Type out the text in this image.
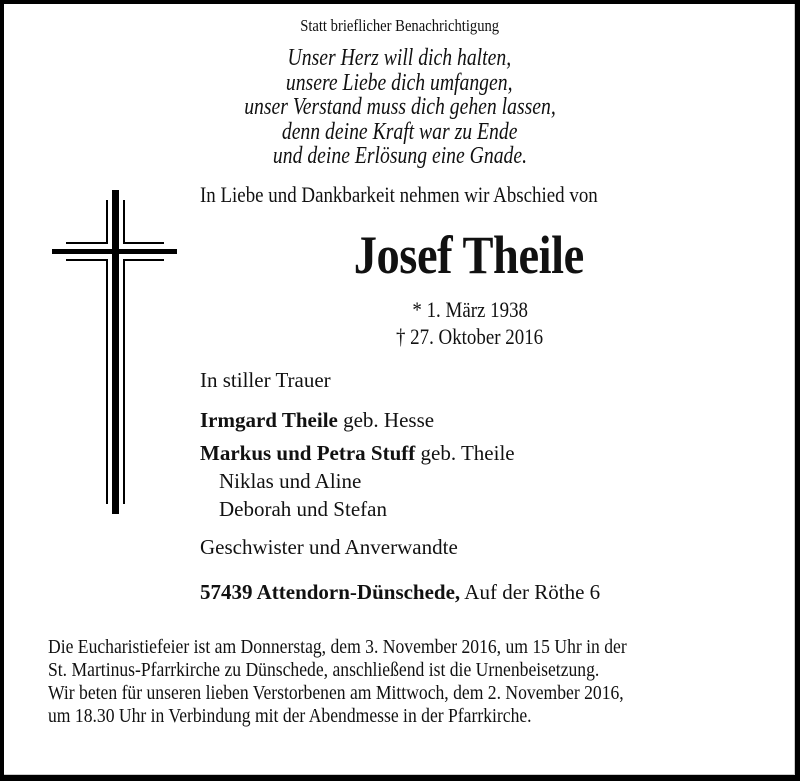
Statt brieflicher Benachrichtigung
Unser Herz will dich halten,
unsere Liebe dich umfangen,
unser Verstand muss dich gehen lassen,
denn deine Kraft war zu Ende
und deine Erlösung eine Gnade.
In Liebe und Dankbarkeit nehmen wir Abschied von
Josef Theile
* 1. März 1938
† 27. Oktober 2016
In stiller Trauer
Irmgard Theile geb. Hesse
Markus und Petra Stuff geb. Theile
Niklas und Aline
Deborah und Stefan
Geschwister und Anverwandte
57439 Attendorn-Dünschede, Auf der Röthe 6
Die Eucharistiefeier ist am Donnerstag, dem 3. November 2016, um 15 Uhr in der
St. Martinus-Pfarrkirche zu Dünschede, anschließend ist die Urnenbeisetzung.
Wir beten für unseren lieben Verstorbenen am Mittwoch, dem 2. November 2016,
um 18.30 Uhr in Verbindung mit der Abendmesse in der Pfarrkirche.
